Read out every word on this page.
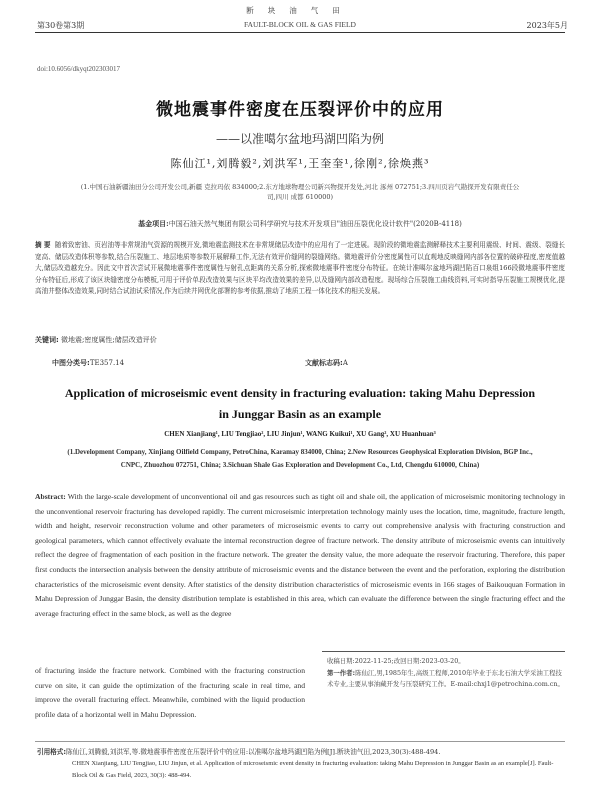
断块油气田
第30卷第3期	FAULT-BLOCK OIL & GAS FIELD	2023年5月
doi:10.6056/dkyqt202303017
微地震事件密度在压裂评价中的应用
——以准噶尔盆地玛湖凹陷为例
陈仙江¹,刘腾毅²,刘洪军¹,王奎奎¹,徐刚²,徐焕燕³
(1.中国石油新疆油田分公司开发公司,新疆 克拉玛依 834000;2.东方地球物理公司新兴物探开发处,河北 涿州 072751;3.四川页岩气勘探开发有限责任公司,四川 成都 610000)
基金项目:中国石油天然气集团有限公司科学研究与技术开发项目"油田压裂优化设计软件"(2020B-4118)
摘 要 随着致密油、页岩油等非常规油气资源的规模开发,微地震监测技术在非常规储层改造中的应用有了一定进展。现阶段的微地震监测解释技术主要利用震级、时间、震级、裂缝长宽高、储层改造体积等参数,结合压裂施工、地层地质等参数开展解释工作,无法有效评价缝网的裂缝网络。微地震评价分密度属性可以直观地反映缝网内部各位置的破碎程度,密度值越大,储层改造越充分。因此文中首次尝试开展微地震事件密度属性与射孔点距离的关系分析,探索微地震事件密度分布特征。在统计准噶尔盆地玛湖凹陷百口泉组166段微地震事件密度分布特征后,形成了该区块缝密度分布模板,可用于评价单段改造效果与区块平均改造效果的差异,以及缝网内部改造程度。现场综合压裂施工曲线资料,可实时指导压裂施工规模优化,提高油井整体改造效果,同时结合试油试采情况,作为后续井网优化部署的参考依据,推动了地质工程一体化技术的相关发展。
关键词: 微地震;密度属性;储层改造评价
中图分类号:TE357.14	文献标志码:A
Application of microseismic event density in fracturing evaluation: taking Mahu Depression in Junggar Basin as an example
CHEN Xianjiang¹, LIU Tengjiao², LIU Jinjun¹, WANG Kuikui¹, XU Gang², XU Huanhuan³
(1.Development Company, Xinjiang Oilfield Company, PetroChina, Karamay 834000, China; 2.New Resources Geophysical Exploration Division, BGP Inc., CNPC, Zhuozhou 072751, China; 3.Sichuan Shale Gas Exploration and Development Co., Ltd, Chengdu 610000, China)
Abstract: With the large-scale development of unconventional oil and gas resources such as tight oil and shale oil, the application of microseismic monitoring technology in the unconventional reservoir fracturing has developed rapidly. The current microseismic interpretation technology mainly uses the location, time, magnitude, fracture length, width and height, reservoir reconstruction volume and other parameters of microseismic events to carry out comprehensive analysis with fracturing construction and geological parameters, which cannot effectively evaluate the internal reconstruction degree of fracture network. The density attribute of microseismic events can intuitively reflect the degree of fragmentation of each position in the fracture network. The greater the density value, the more adequate the reservoir fracturing. Therefore, this paper first conducts the intersection analysis between the density attribute of microseismic events and the distance between the event and the perforation, exploring the distribution characteristics of the microseismic event density. After statistics of the density distribution characteristics of microseismic events in 166 stages of Baikouquan Formation in Mahu Depression of Junggar Basin, the density distribution template is established in this area, which can evaluate the difference between the single fracturing effect and the average fracturing effect in the same block, as well as the degree
of fracturing inside the fracture network. Combined with the fracturing construction curve on site, it can guide the optimization of the fracturing scale in real time, and improve the overall fracturing effect. Meanwhile, combined with the liquid production profile data of a horizontal well in Mahu Depression.
收稿日期:2022-11-25;改回日期:2023-03-20。
第一作者:陈仙江,男,1985年生,高级工程师,2010年毕业于东北石油大学采油工程技术专业,主要从事油藏开发与压裂研究工作。E-mail:chxj1@petrochina.com.cn。
引用格式:陈仙江,刘腾毅,刘洪军,等.微地震事件密度在压裂评价中的应用:以准噶尔盆地玛湖凹陷为例[J].断块油气田,2023,30(3):488-494.
CHEN Xianjiang, LIU Tengjiao, LIU Jinjun, et al. Application of microseismic event density in fracturing evaluation: taking Mahu Depression in Junggar Basin as an example[J]. Fault-Block Oil & Gas Field, 2023, 30(3): 488-494.
